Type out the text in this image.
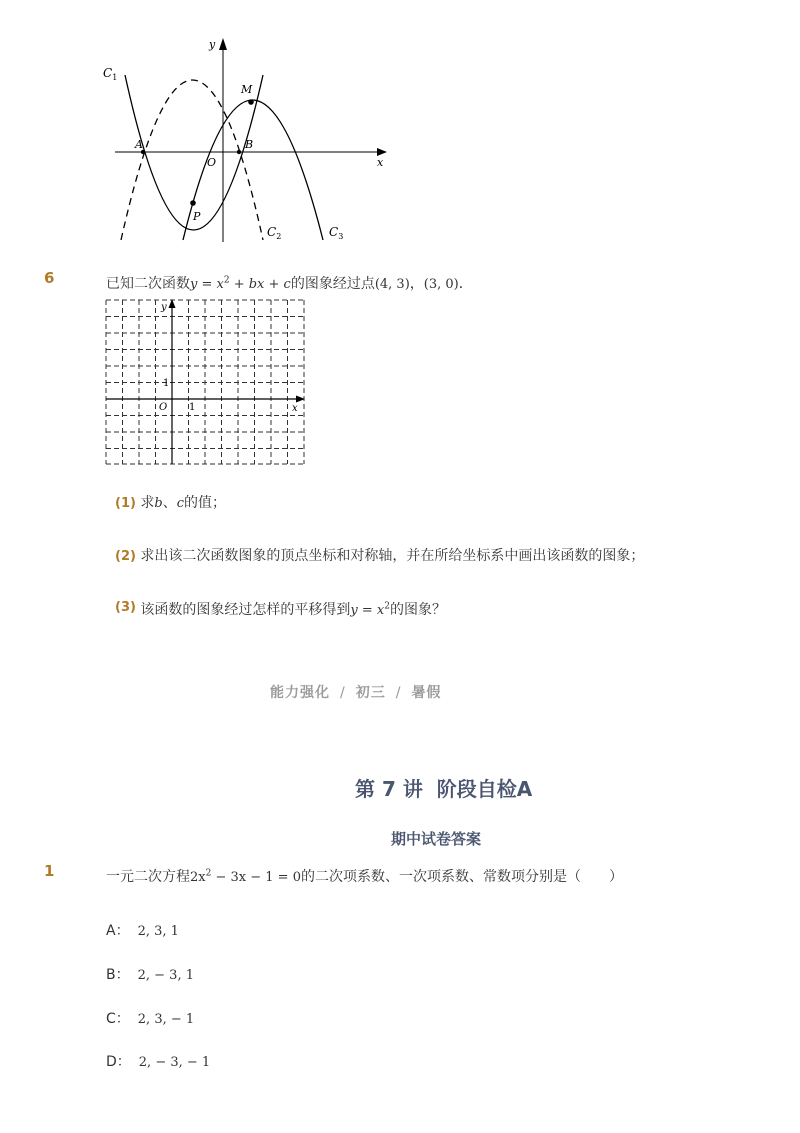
y
x
O
A	B
M
P
$C_1$
$C_2$	$C_3$
6	已知二次函数$y = x^2$ + bx + c的图象经过点(4, 3)，(3, 0)．
y
x
O 1
1
(1) 求b、c的值；
(2) 求出该二次函数图象的顶点坐标和对称轴，并在所给坐标系中画出该函数的图象；
(3) 该函数的图象经过怎样的平移得到$y = x^2$的图象？
能力强化 / 初三 / 暑假
第 7 讲  阶段自检A
期中试卷答案
1	一元二次方程$2x^2 - 3x - 1 = 0$的二次项系数、一次项系数、常数项分别是（　　）
A： 2, 3, 1
B： 2, − 3, 1
C： 2, 3, − 1
D： 2, − 3, − 1
